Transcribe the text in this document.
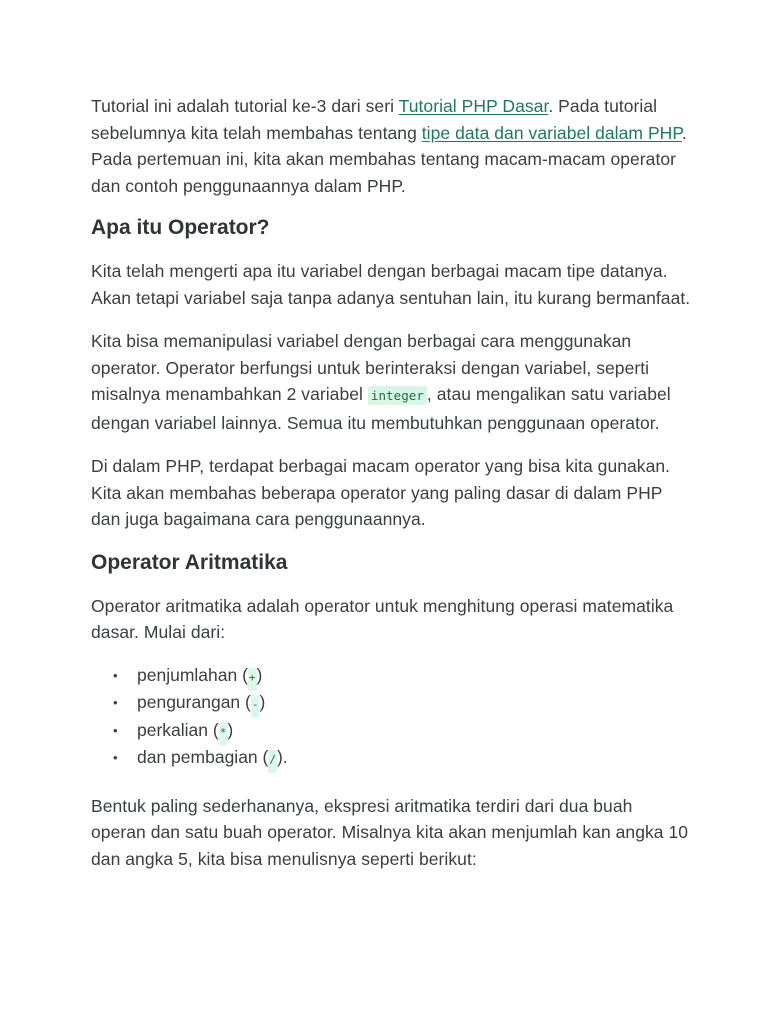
Tutorial ini adalah tutorial ke-3 dari seri Tutorial PHP Dasar. Pada tutorial sebelumnya kita telah membahas tentang tipe data dan variabel dalam PHP. Pada pertemuan ini, kita akan membahas tentang macam-macam operator dan contoh penggunaannya dalam PHP.

Apa itu Operator?

Kita telah mengerti apa itu variabel dengan berbagai macam tipe datanya. Akan tetapi variabel saja tanpa adanya sentuhan lain, itu kurang bermanfaat.

Kita bisa memanipulasi variabel dengan berbagai cara menggunakan operator. Operator berfungsi untuk berinteraksi dengan variabel, seperti misalnya menambahkan 2 variabel integer , atau mengalikan satu variabel dengan variabel lainnya. Semua itu membutuhkan penggunaan operator.

Di dalam PHP, terdapat berbagai macam operator yang bisa kita gunakan. Kita akan membahas beberapa operator yang paling dasar di dalam PHP dan juga bagaimana cara penggunaannya.

Operator Aritmatika

Operator aritmatika adalah operator untuk menghitung operasi matematika dasar. Mulai dari:

• penjumlahan (+)
• pengurangan (-)
• perkalian (*)
• dan pembagian (/).

Bentuk paling sederhananya, ekspresi aritmatika terdiri dari dua buah operan dan satu buah operator. Misalnya kita akan menjumlah kan angka 10 dan angka 5, kita bisa menulisnya seperti berikut:
